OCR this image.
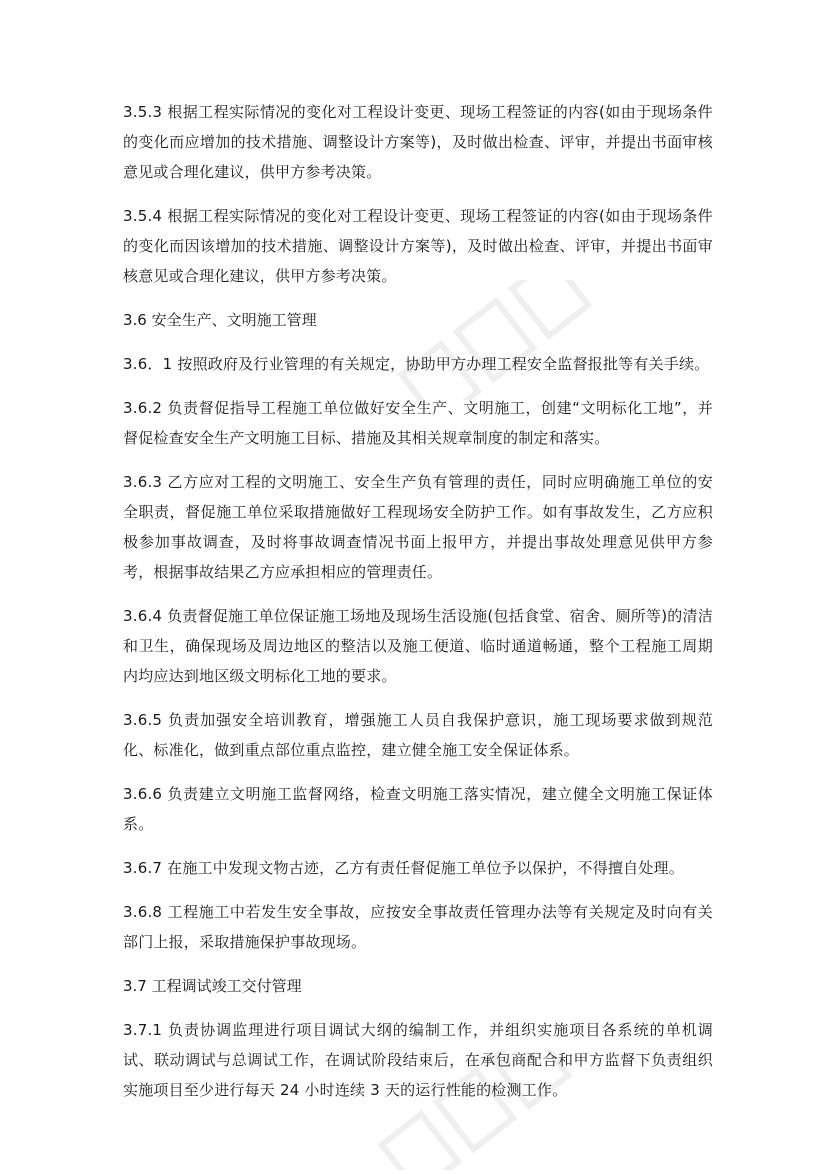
3.5.3 根据工程实际情况的变化对工程设计变更、现场工程签证的内容(如由于现场条件的变化而应增加的技术措施、调整设计方案等)，及时做出检查、评审，并提出书面审核意见或合理化建议，供甲方参考决策。

3.5.4 根据工程实际情况的变化对工程设计变更、现场工程签证的内容(如由于现场条件的变化而因该增加的技术措施、调整设计方案等)，及时做出检查、评审，并提出书面审核意见或合理化建议，供甲方参考决策。

3.6 安全生产、文明施工管理

3.6．1 按照政府及行业管理的有关规定，协助甲方办理工程安全监督报批等有关手续。

3.6.2 负责督促指导工程施工单位做好安全生产、文明施工，创建“文明标化工地”，并督促检查安全生产文明施工目标、措施及其相关规章制度的制定和落实。

3.6.3 乙方应对工程的文明施工、安全生产负有管理的责任，同时应明确施工单位的安全职责，督促施工单位采取措施做好工程现场安全防护工作。如有事故发生，乙方应积极参加事故调查，及时将事故调查情况书面上报甲方，并提出事故处理意见供甲方参考，根据事故结果乙方应承担相应的管理责任。

3.6.4 负责督促施工单位保证施工场地及现场生活设施(包括食堂、宿舍、厕所等)的清洁和卫生，确保现场及周边地区的整洁以及施工便道、临时通道畅通，整个工程施工周期内均应达到地区级文明标化工地的要求。

3.6.5 负责加强安全培训教育，增强施工人员自我保护意识，施工现场要求做到规范化、标准化，做到重点部位重点监控，建立健全施工安全保证体系。

3.6.6 负责建立文明施工监督网络，检查文明施工落实情况，建立健全文明施工保证体系。

3.6.7 在施工中发现文物古迹，乙方有责任督促施工单位予以保护，不得擅自处理。

3.6.8 工程施工中若发生安全事故，应按安全事故责任管理办法等有关规定及时向有关部门上报，采取措施保护事故现场。

3.7 工程调试竣工交付管理

3.7.1 负责协调监理进行项目调试大纲的编制工作，并组织实施项目各系统的单机调试、联动调试与总调试工作，在调试阶段结束后，在承包商配合和甲方监督下负责组织实施项目至少进行每天 24 小时连续 3 天的运行性能的检测工作。
